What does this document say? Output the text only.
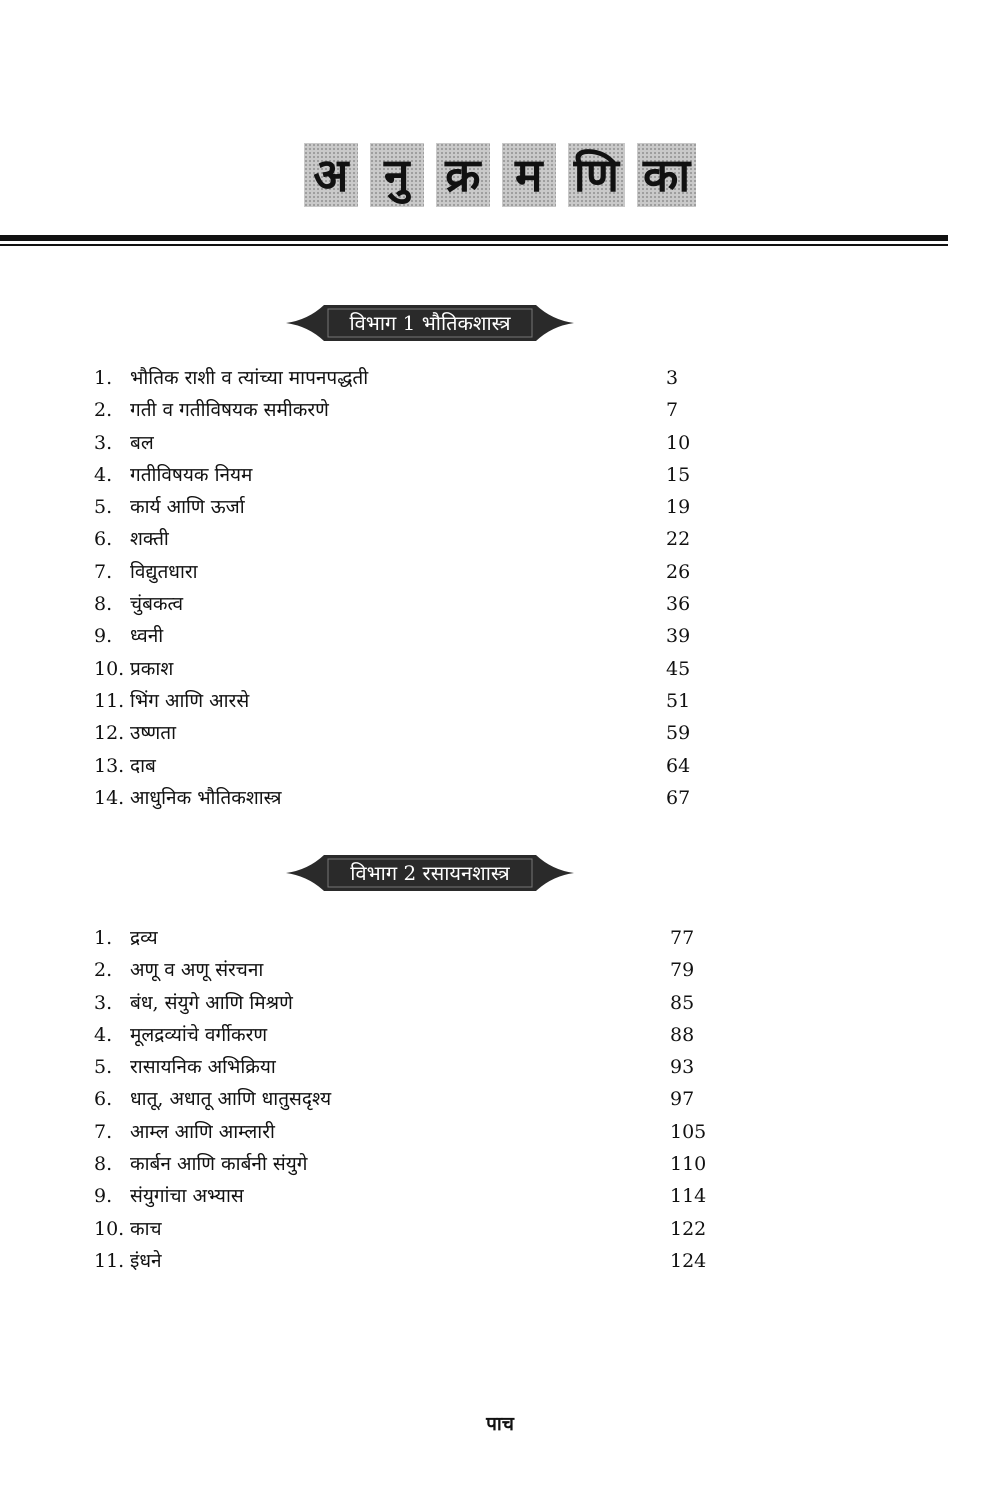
अ नु क्र म णि का
विभाग 1 भौतिकशास्त्र
1. भौतिक राशी व त्यांच्या मापनपद्धती	3
2. गती व गतीविषयक समीकरणे	7
3. बल	10
4. गतीविषयक नियम	15
5. कार्य आणि ऊर्जा	19
6. शक्ती	22
7. विद्युतधारा	26
8. चुंबकत्व	36
9. ध्वनी	39
10. प्रकाश	45
11. भिंग आणि आरसे	51
12. उष्णता	59
13. दाब	64
14. आधुनिक भौतिकशास्त्र	67
विभाग 2 रसायनशास्त्र
1. द्रव्य	77
2. अणू व अणू संरचना	79
3. बंध, संयुगे आणि मिश्रणे	85
4. मूलद्रव्यांचे वर्गीकरण	88
5. रासायनिक अभिक्रिया	93
6. धातू, अधातू आणि धातुसदृश्य	97
7. आम्ल आणि आम्लारी	105
8. कार्बन आणि कार्बनी संयुगे	110
9. संयुगांचा अभ्यास	114
10. काच	122
11. इंधने	124
पाच
